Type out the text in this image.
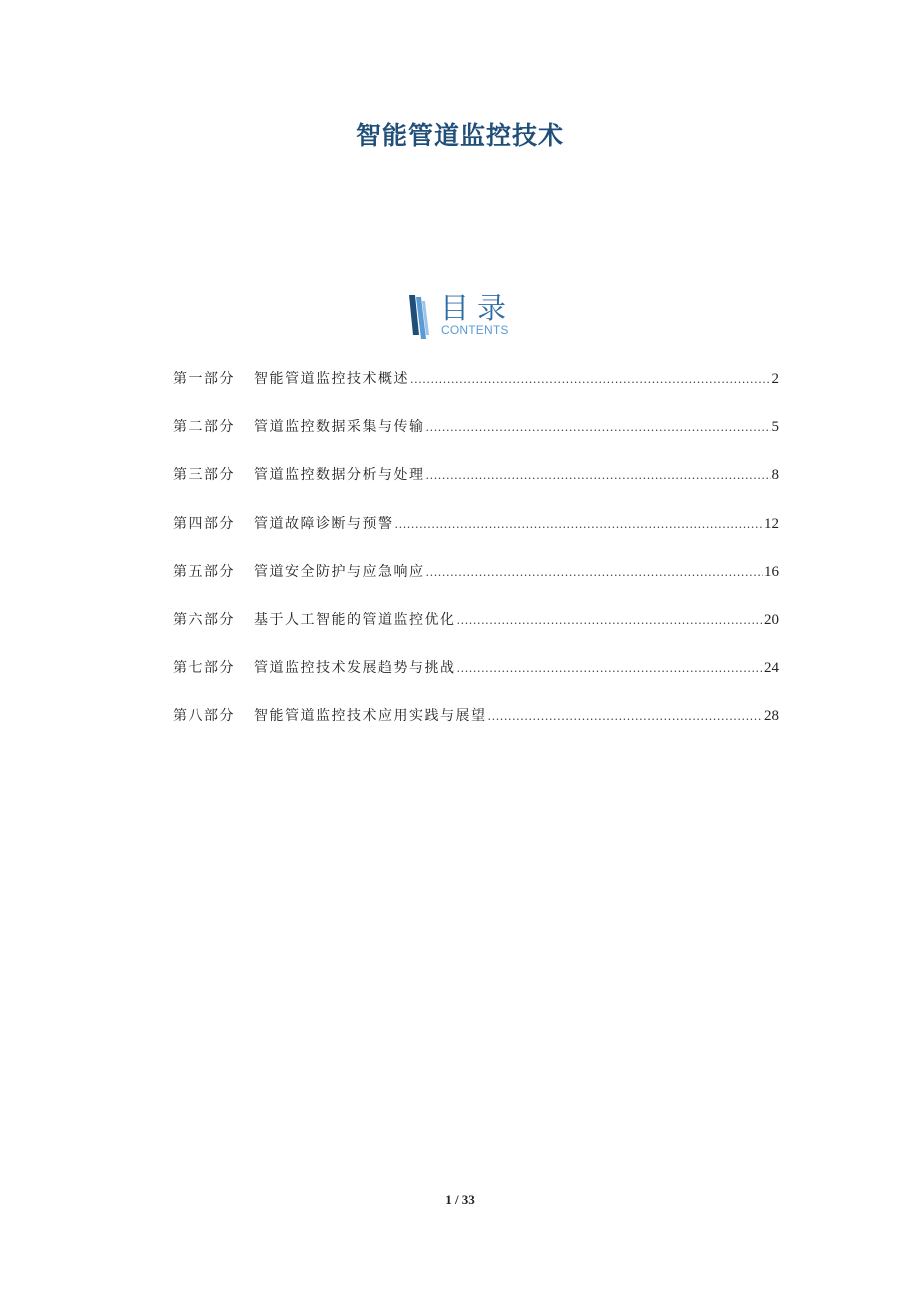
智能管道监控技术
目录
CONTENTS
第一部分	智能管道监控技术概述 .....	2
第二部分	管道监控数据采集与传输 .....	5
第三部分	管道监控数据分析与处理 .....	8
第四部分	管道故障诊断与预警 .....	12
第五部分	管道安全防护与应急响应 .....	16
第六部分	基于人工智能的管道监控优化 .....	20
第七部分	管道监控技术发展趋势与挑战 .....	24
第八部分	智能管道监控技术应用实践与展望 .....	28
1 / 33
